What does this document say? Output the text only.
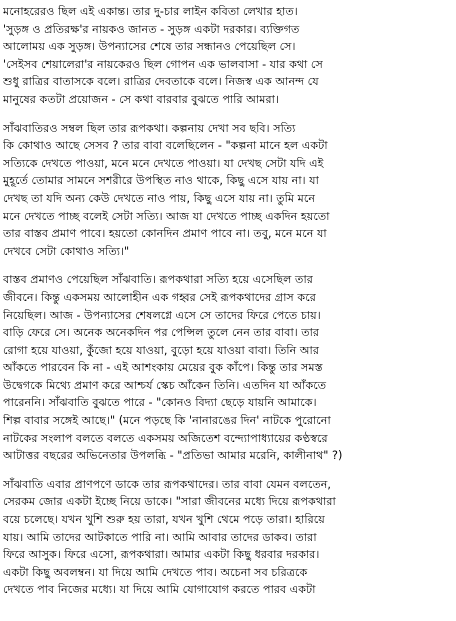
মনোহরেরও ছিল এই একান্ত। তার দু-চার লাইন কবিতা লেখার হাত।
'সুড়ঙ্গ ও প্রতিরক্ষ'র নায়কও জানত - সুড়ঙ্গ একটা দরকার। ব্যক্তিগত
আলোময় এক সুড়ঙ্গ। উপন্যাসের শেষে তার সন্ধানও পেয়েছিল সে।
'সেইসব শেয়ালেরা'র নায়কেরও ছিল গোপন এক ভালবাসা - যার কথা সে
শুধু রাত্রির বাতাসকে বলে। রাত্রির দেবতাকে বলে। নিজস্ব এক আনন্দ যে
মানুষের কতটা প্রয়োজন - সে কথা বারবার বুঝতে পারি আমরা।

সাঁঝবাতিরও সম্বল ছিল তার রূপকথা। কল্পনায় দেখা সব ছবি। সত্যি
কি কোথাও আছে সেসব ? তার বাবা বলেছিলেন - "কল্পনা মানে হল একটা
সত্যিকে দেখতে পাওয়া, মনে মনে দেখতে পাওয়া। যা দেখছ সেটা যদি এই
মুহূর্তে তোমার সামনে সশরীরে উপস্থিত নাও থাকে, কিছু এসে যায় না। যা
দেখছ তা যদি অন্য কেউ দেখতে নাও পায়, কিছু এসে যায় না। তুমি মনে
মনে দেখতে পাচ্ছ বলেই সেটা সত্যি। আজ যা দেখতে পাচ্ছ একদিন হয়তো
তার বাস্তব প্রমাণ পাবে। হয়তো কোনদিন প্রমাণ পাবে না। তবু, মনে মনে যা
দেখবে সেটা কোথাও সত্যি।"

বাস্তব প্রমাণও পেয়েছিল সাঁঝবাতি। রূপকথারা সত্যি হয়ে এসেছিল তার
জীবনে। কিন্তু একসময় আলোহীন এক গহ্বর সেই রূপকথাদের গ্রাস করে
নিয়েছিল। আজ - উপন্যাসের শেষলগ্নে এসে সে তাদের ফিরে পেতে চায়।
বাড়ি ফেরে সে। অনেক অনেকদিন পর পেন্সিল তুলে নেন তার বাবা। তার
রোগা হয়ে যাওয়া, কুঁজো হয়ে যাওয়া, বুড়ো হয়ে যাওয়া বাবা। তিনি আর
আঁকতে পারবেন কি না - এই আশংকায় মেয়ের বুক কাঁপে। কিন্তু তার সমস্ত
উদ্বেগকে মিথ্যে প্রমাণ করে আশ্চর্য স্কেচ আঁকেন তিনি। এতদিন যা আঁকতে
পারেননি। সাঁঝবাতি বুঝতে পারে - "কোনও বিদ্যা ছেড়ে যায়নি আমাকে।
শিল্প বাবার সঙ্গেই আছে।" (মনে পড়ছে কি 'নানারঙের দিন' নাটকে পুরোনো
নাটকের সংলাপ বলতে বলতে একসময় অজিতেশ বন্দ্যোপাধ্যায়ের কণ্ঠস্বরে
আটাত্তর বছরের অভিনেতার উপলব্ধি - "প্রতিভা আমার মরেনি, কালীনাথ" ?)

সাঁঝবাতি এবার প্রাণপণে ডাকে তার রূপকথাদের। তার বাবা যেমন বলতেন,
সেরকম জোর একটা ইচ্ছে নিয়ে ডাকে। "সারা জীবনের মধ্যে দিয়ে রূপকথারা
বয়ে চলেছে। যখন খুশি শুরু হয় তারা, যখন খুশি থেমে পড়ে তারা। হারিয়ে
যায়। আমি তাদের আটকাতে পারি না। আমি আবার তাদের ডাকব। তারা
ফিরে আসুক। ফিরে এসো, রূপকথারা। আমার একটা কিছু ধরবার দরকার।
একটা কিছু অবলম্বন। যা দিয়ে আমি দেখতে পাব। অচেনা সব চরিত্রকে
দেখতে পাব নিজের মধ্যে। যা দিয়ে আমি যোগাযোগ করতে পারব একটা
